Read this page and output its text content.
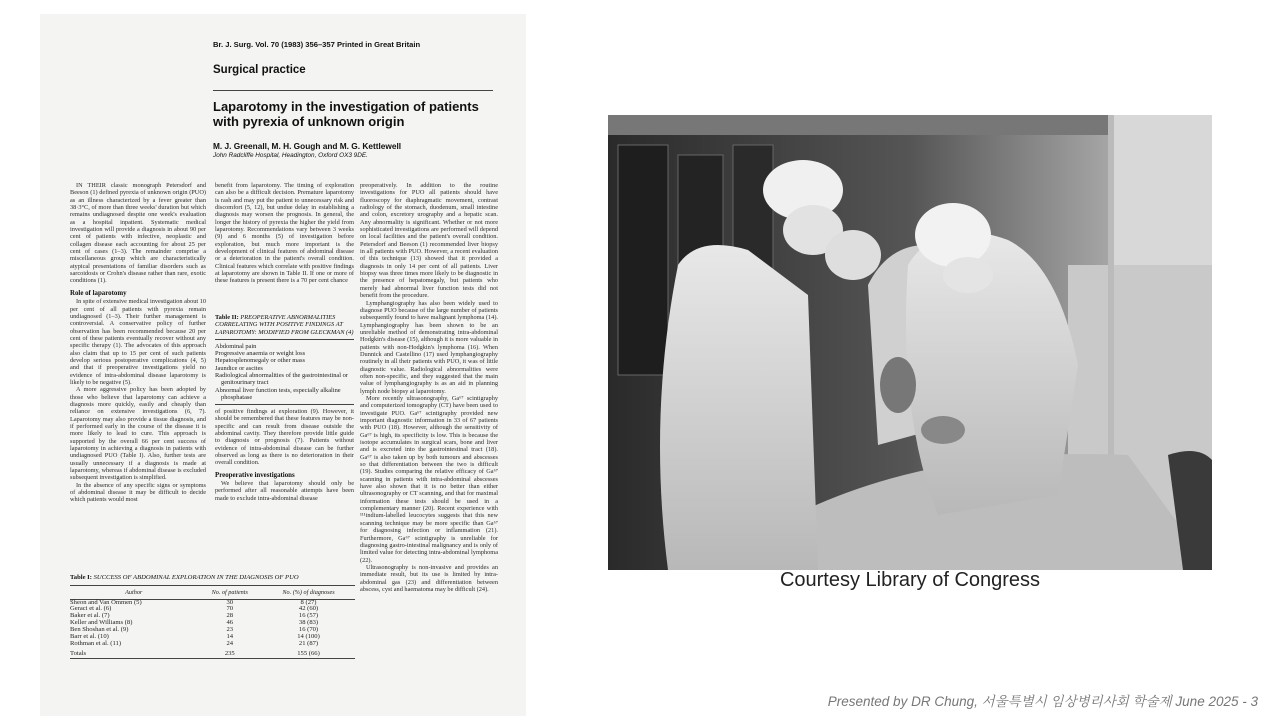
Br. J. Surg. Vol. 70 (1983) 356–357 Printed in Great Britain
Surgical practice
Laparotomy in the investigation of patients with pyrexia of unknown origin
M. J. Greenall, M. H. Gough and M. G. Kettlewell
John Radcliffe Hospital, Headington, Oxford OX3 9DE.

IN THEIR classic monograph Petersdorf and Beeson (1) defined pyrexia of unknown origin (PUO) as an illness characterized by a fever greater than 38·3°C, of more than three weeks' duration but which remains undiagnosed despite one week's evaluation as a hospital inpatient. Systematic medical investigation will provide a diagnosis in about 90 per cent of patients with infective, neoplastic and collagen disease each accounting for about 25 per cent of cases (1–3). The remainder comprise a miscellaneous group which are characteristically atypical presentations of familiar disorders such as sarcoidosis or Crohn's disease rather than rare, exotic conditions (1).

Role of laparotomy

In spite of extensive medical investigation about 10 per cent of all patients with pyrexia remain undiagnosed (1–3). Their further management is controversial. A conservative policy of further observation has been recommended because 20 per cent of these patients eventually recover without any specific therapy (1). The advocates of this approach also claim that up to 15 per cent of such patients develop serious postoperative complications (4, 5) and that if preoperative investigations yield no evidence of intra-abdominal disease laparotomy is likely to be negative (5).

A more aggressive policy has been adopted by those who believe that laparotomy can achieve a diagnosis more quickly, easily and cheaply than reliance on extensive investigations (6, 7). Laparotomy may also provide a tissue diagnosis, and if performed early in the course of the disease it is more likely to lead to cure. This approach is supported by the overall 66 per cent success of laparotomy in achieving a diagnosis in patients with undiagnosed PUO (Table I). Also, further tests are usually unnecessary if a diagnosis is made at laparotomy, whereas if abdominal disease is excluded subsequent investigation is simplified.

In the absence of any specific signs or symptoms of abdominal disease it may be difficult to decide which patients would most

benefit from laparotomy. The timing of exploration can also be a difficult decision. Premature laparotomy is rash and may put the patient to unnecessary risk and discomfort (5, 12), but undue delay in establishing a diagnosis may worsen the prognosis. In general, the longer the history of pyrexia the higher the yield from laparotomy. Recommendations vary between 3 weeks (9) and 6 months (5) of investigation before exploration, but much more important is the development of clinical features of abdominal disease or a deterioration in the patient's overall condition. Clinical features which correlate with positive findings at laparotomy are shown in Table II. If one or more of these features is present there is a 70 per cent chance

Table II: PREOPERATIVE ABNORMALITIES CORRELATING WITH POSITIVE FINDINGS AT LAPAROTOMY: MODIFIED FROM GLECKMAN (4)
Abdominal pain
Progressive anaemia or weight loss
Hepatosplenomegaly or other mass
Jaundice or ascites
Radiological abnormalities of the gastrointestinal or genitourinary tract
Abnormal liver function tests, especially alkaline phosphatase

of positive findings at exploration (9). However, it should be remembered that these features may be non-specific and can result from disease outside the abdominal cavity. They therefore provide little guide to diagnosis or prognosis (7). Patients without evidence of intra-abdominal disease can be further observed as long as there is no deterioration in their overall condition.

Preoperative investigations

We believe that laparotomy should only be performed after all reasonable attempts have been made to exclude intra-abdominal disease

preoperatively. In addition to the routine investigations for PUO all patients should have fluoroscopy for diaphragmatic movement, contrast radiology of the stomach, duodenum, small intestine and colon, excretory urography and a hepatic scan. Any abnormality is significant. Whether or not more sophisticated investigations are performed will depend on local facilities and the patient's overall condition. Petersdorf and Beeson (1) recommended liver biopsy in all patients with PUO. However, a recent evaluation of this technique (13) showed that it provided a diagnosis in only 14 per cent of all patients. Liver biopsy was three times more likely to be diagnostic in the presence of hepatomegaly, but patients who merely had abnormal liver function tests did not benefit from the procedure.

Lymphangiography has also been widely used to diagnose PUO because of the large number of patients subsequently found to have malignant lymphoma (14). Lymphangiography has been shown to be an unreliable method of demonstrating intra-abdominal Hodgkin's disease (15), although it is more valuable in patients with non-Hodgkin's lymphoma (16). When Dunnick and Castellino (17) used lymphangiography routinely in all their patients with PUO, it was of little diagnostic value. Radiological abnormalities were often non-specific, and they suggested that the main value of lymphangiography is as an aid in planning lymph node biopsy at laparotomy.

More recently ultrasonography, Ga⁶⁷ scintigraphy and computerized tomography (CT) have been used to investigate PUO. Ga⁶⁷ scintigraphy provided new important diagnostic information in 33 of 67 patients with PUO (18). However, although the sensitivity of Ga⁶⁷ is high, its specificity is low. This is because the isotope accumulates in surgical scars, bone and liver and is excreted into the gastrointestinal tract (18). Ga⁶⁷ is also taken up by both tumours and abscesses so that differentiation between the two is difficult (19). Studies comparing the relative efficacy of Ga⁶⁷ scanning in patients with intra-abdominal abscesses have also shown that it is no better than either ultrasonography or CT scanning, and that for maximal information these tests should be used in a complementary manner (20). Recent experience with ¹¹¹indium-labelled leucocytes suggests that this new scanning technique may be more specific than Ga⁶⁷ for diagnosing infection or inflammation (21). Furthermore, Ga⁶⁷ scintigraphy is unreliable for diagnosing gastro-intestinal malignancy and is only of limited value for detecting intra-abdominal lymphoma (22).

Ultrasonography is non-invasive and provides an immediate result, but its use is limited by intra-abdominal gas (23) and differentiation between abscess, cyst and haematoma may be difficult (24).

Table I: SUCCESS OF ABDOMINAL EXPLORATION IN THE DIAGNOSIS OF PUO
Author	No. of patients	No. (%) of diagnoses
Sheon and Van Ommen (5)	30	8 (27)
Geraci et al. (6)	70	42 (60)
Baker et al. (7)	28	16 (57)
Keller and Williams (8)	46	38 (83)
Ben Shoshan et al. (9)	23	16 (70)
Barr et al. (10)	14	14 (100)
Rothman et al. (11)	24	21 (87)
Totals	235	155 (66)
Courtesy Library of Congress
Presented by DR Chung, 서울특별시 임상병리사회 학술제 June 2025 - 3
